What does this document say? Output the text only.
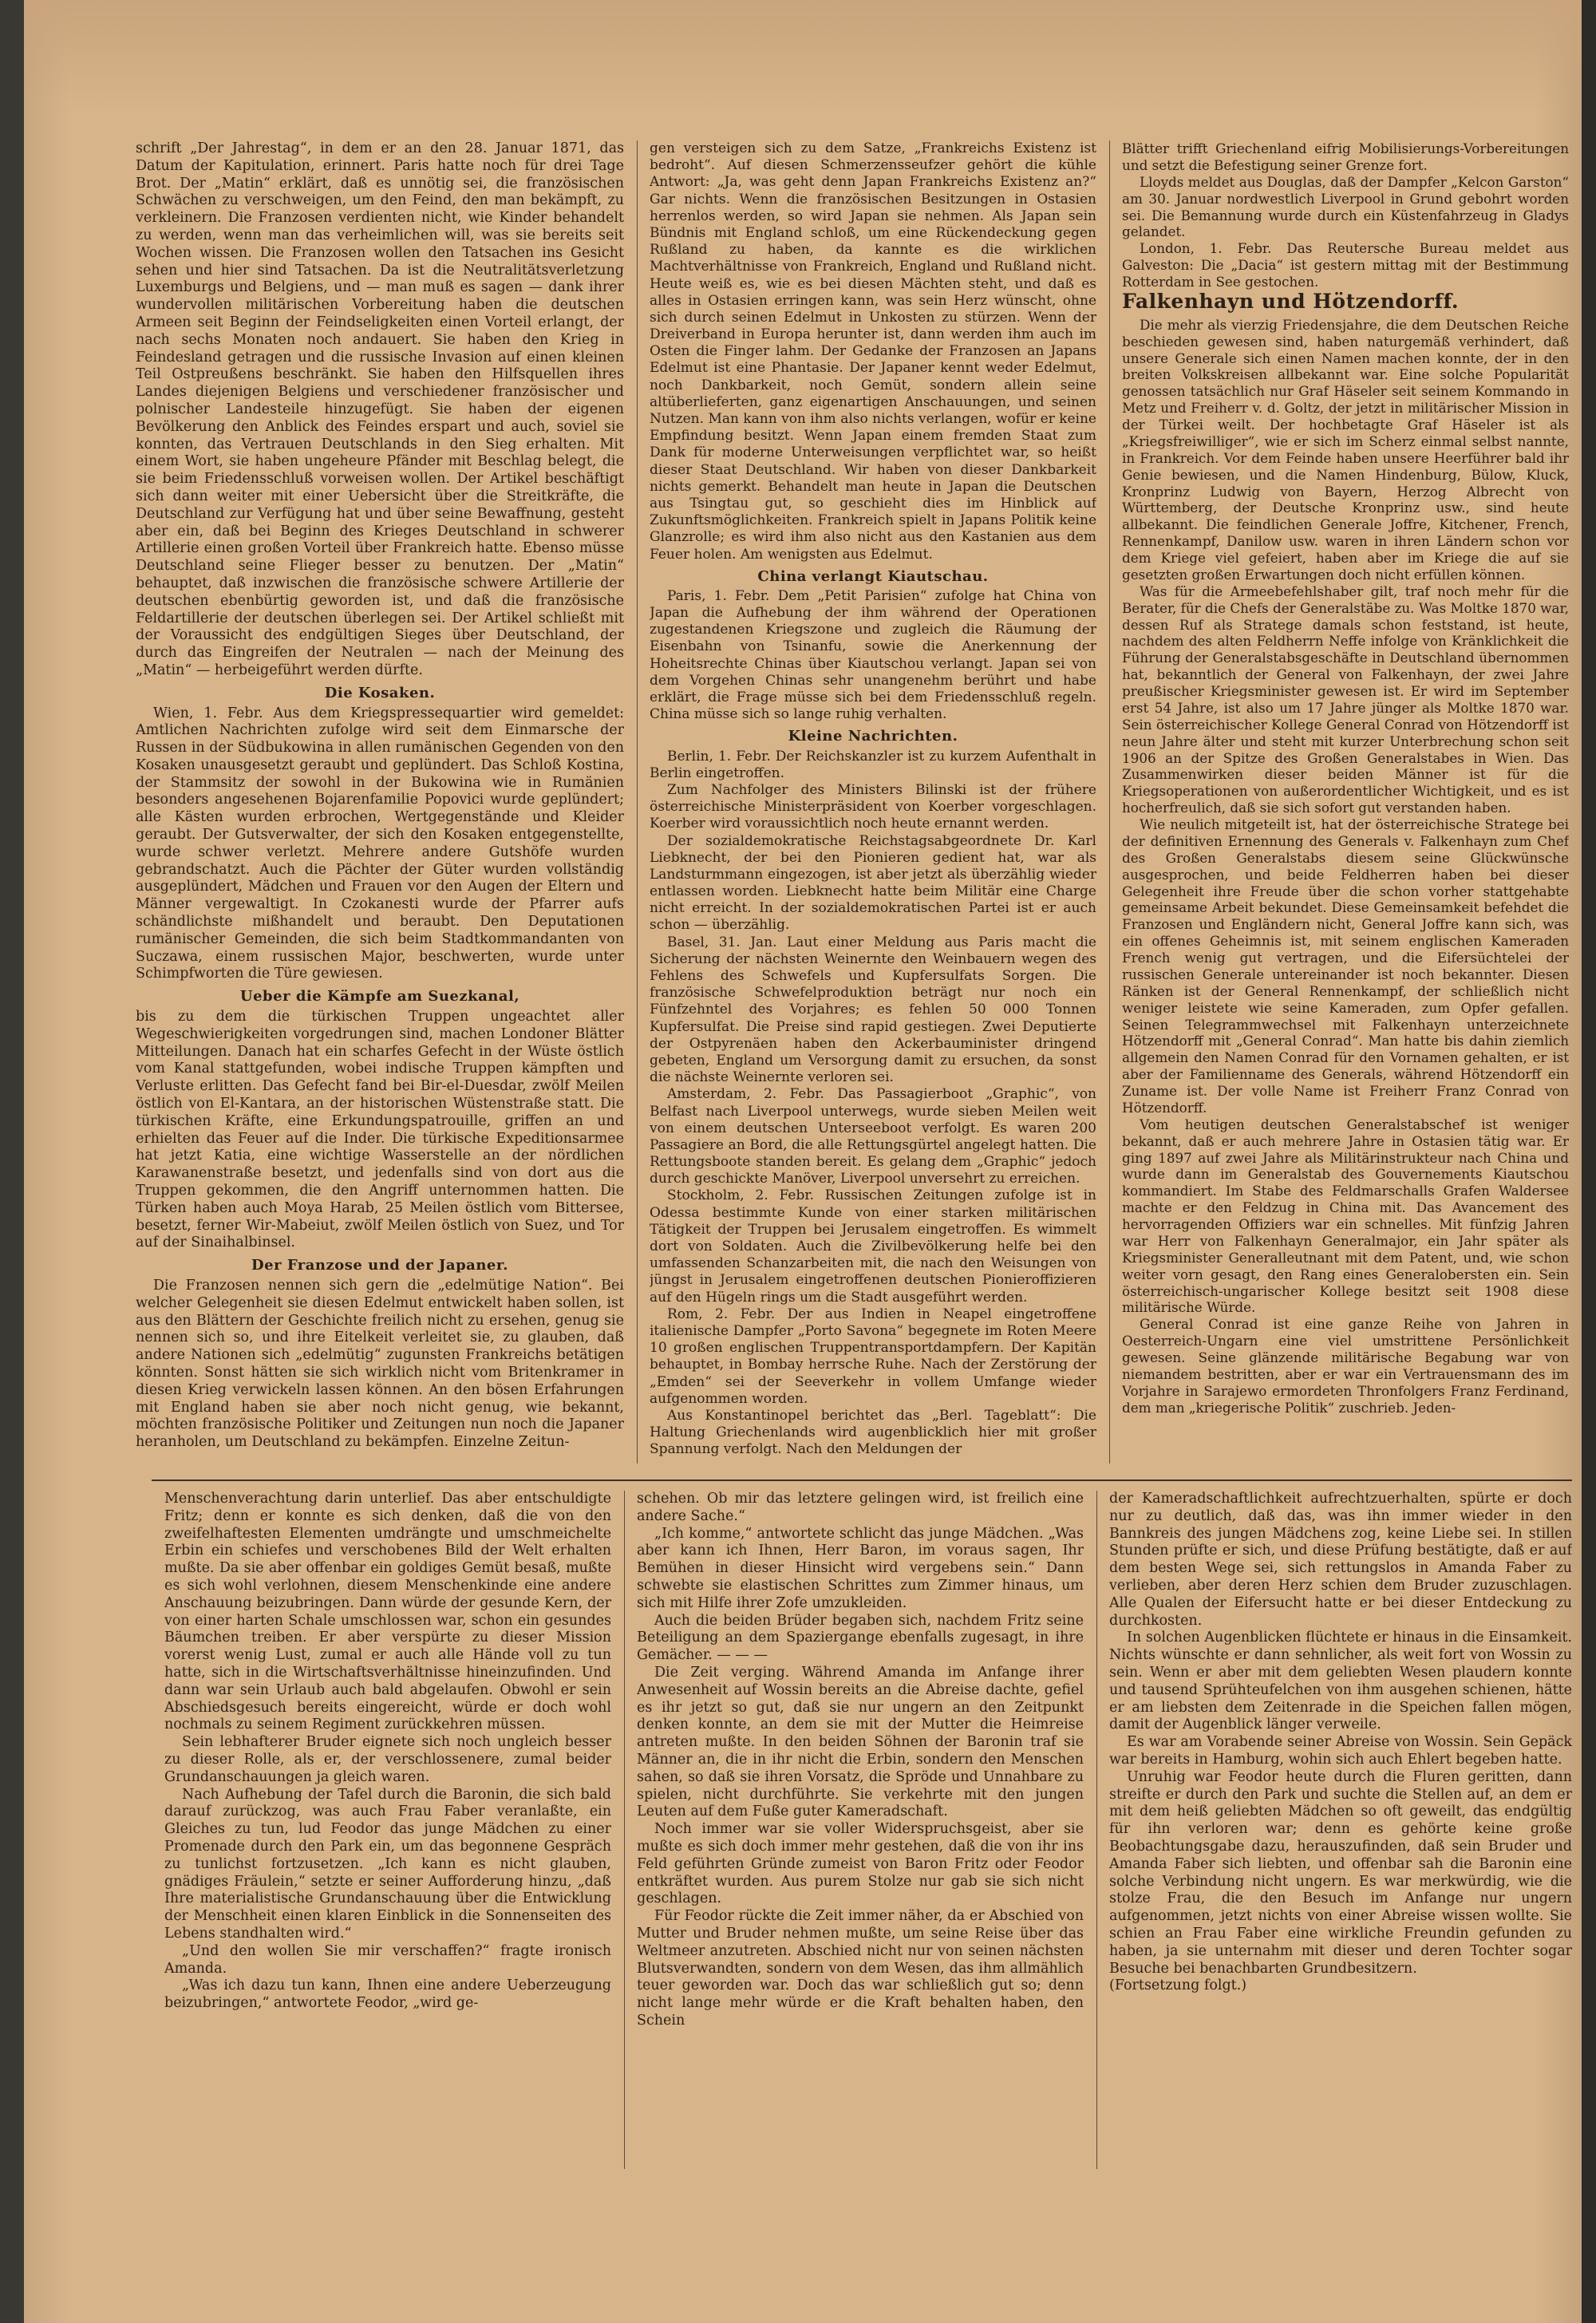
schrift „Der Jahrestag“, in dem er an den 28. Januar 1871, das Datum der Kapitulation, erinnert. Paris hatte noch für drei Tage Brot. Der „Matin“ erklärt, daß es unnötig sei, die französischen Schwächen zu verschweigen, um den Feind, den man bekämpft, zu verkleinern. Die Franzosen verdienten nicht, wie Kinder behandelt zu werden, wenn man das verheimlichen will, was sie bereits seit Wochen wissen. Die Franzosen wollen den Tatsachen ins Gesicht sehen und hier sind Tatsachen. Da ist die Neutralitätsverletzung Luxemburgs und Belgiens, und — man muß es sagen — dank ihrer wundervollen militärischen Vorbereitung haben die deutschen Armeen seit Beginn der Feindseligkeiten einen Vorteil erlangt, der nach sechs Monaten noch andauert. Sie haben den Krieg in Feindesland getragen und die russische Invasion auf einen kleinen Teil Ostpreußens beschränkt. Sie haben den Hilfsquellen ihres Landes diejenigen Belgiens und verschiedener französischer und polnischer Landesteile hinzugefügt. Sie haben der eigenen Bevölkerung den Anblick des Feindes erspart und auch, soviel sie konnten, das Vertrauen Deutschlands in den Sieg erhalten. Mit einem Wort, sie haben ungeheure Pfänder mit Beschlag belegt, die sie beim Friedensschluß vorweisen wollen. Der Artikel beschäftigt sich dann weiter mit einer Uebersicht über die Streitkräfte, die Deutschland zur Verfügung hat und über seine Bewaffnung, gesteht aber ein, daß bei Beginn des Krieges Deutschland in schwerer Artillerie einen großen Vorteil über Frankreich hatte. Ebenso müsse Deutschland seine Flieger besser zu benutzen. Der „Matin“ behauptet, daß inzwischen die französische schwere Artillerie der deutschen ebenbürtig geworden ist, und daß die französische Feldartillerie der deutschen überlegen sei. Der Artikel schließt mit der Voraussicht des endgültigen Sieges über Deutschland, der durch das Eingreifen der Neutralen — nach der Meinung des „Matin“ — herbeigeführt werden dürfte.

Die Kosaken.

Wien, 1. Febr. Aus dem Kriegspressequartier wird gemeldet: Amtlichen Nachrichten zufolge wird seit dem Einmarsche der Russen in der Südbukowina in allen rumänischen Gegenden von den Kosaken unausgesetzt geraubt und geplündert. Das Schloß Kostina, der Stammsitz der sowohl in der Bukowina wie in Rumänien besonders angesehenen Bojarenfamilie Popovici wurde geplündert; alle Kästen wurden erbrochen, Wertgegenstände und Kleider geraubt. Der Gutsverwalter, der sich den Kosaken entgegenstellte, wurde schwer verletzt. Mehrere andere Gutshöfe wurden gebrandschatzt. Auch die Pächter der Güter wurden vollständig ausgeplündert, Mädchen und Frauen vor den Augen der Eltern und Männer vergewaltigt. In Czokanesti wurde der Pfarrer aufs schändlichste mißhandelt und beraubt. Den Deputationen rumänischer Gemeinden, die sich beim Stadtkommandanten von Suczawa, einem russischen Major, beschwerten, wurde unter Schimpfworten die Türe gewiesen.

Ueber die Kämpfe am Suezkanal,

bis zu dem die türkischen Truppen ungeachtet aller Wegeschwierigkeiten vorgedrungen sind, machen Londoner Blätter Mitteilungen. Danach hat ein scharfes Gefecht in der Wüste östlich vom Kanal stattgefunden, wobei indische Truppen kämpften und Verluste erlitten. Das Gefecht fand bei Bir-el-Duesdar, zwölf Meilen östlich von El-Kantara, an der historischen Wüstenstraße statt. Die türkischen Kräfte, eine Erkundungspatrouille, griffen an und erhielten das Feuer auf die Inder. Die türkische Expeditionsarmee hat jetzt Katia, eine wichtige Wasserstelle an der nördlichen Karawanenstraße besetzt, und jedenfalls sind von dort aus die Truppen gekommen, die den Angriff unternommen hatten. Die Türken haben auch Moya Harab, 25 Meilen östlich vom Bittersee, besetzt, ferner Wir-Mabeiut, zwölf Meilen östlich von Suez, und Tor auf der Sinaihalbinsel.

Der Franzose und der Japaner.

Die Franzosen nennen sich gern die „edelmütige Nation“. Bei welcher Gelegenheit sie diesen Edelmut entwickelt haben sollen, ist aus den Blättern der Geschichte freilich nicht zu ersehen, genug sie nennen sich so, und ihre Eitelkeit verleitet sie, zu glauben, daß andere Nationen sich „edelmütig“ zugunsten Frankreichs betätigen könnten. Sonst hätten sie sich wirklich nicht vom Britenkramer in diesen Krieg verwickeln lassen können. An den bösen Erfahrungen mit England haben sie aber noch nicht genug, wie bekannt, möchten französische Politiker und Zeitungen nun noch die Japaner heranholen, um Deutschland zu bekämpfen. Einzelne Zeitun-

gen versteigen sich zu dem Satze, „Frankreichs Existenz ist bedroht“. Auf diesen Schmerzensseufzer gehört die kühle Antwort: „Ja, was geht denn Japan Frankreichs Existenz an?“ Gar nichts. Wenn die französischen Besitzungen in Ostasien herrenlos werden, so wird Japan sie nehmen. Als Japan sein Bündnis mit England schloß, um eine Rückendeckung gegen Rußland zu haben, da kannte es die wirklichen Machtverhältnisse von Frankreich, England und Rußland nicht. Heute weiß es, wie es bei diesen Mächten steht, und daß es alles in Ostasien erringen kann, was sein Herz wünscht, ohne sich durch seinen Edelmut in Unkosten zu stürzen. Wenn der Dreiverband in Europa herunter ist, dann werden ihm auch im Osten die Finger lahm. Der Gedanke der Franzosen an Japans Edelmut ist eine Phantasie. Der Japaner kennt weder Edelmut, noch Dankbarkeit, noch Gemüt, sondern allein seine altüberlieferten, ganz eigenartigen Anschauungen, und seinen Nutzen. Man kann von ihm also nichts verlangen, wofür er keine Empfindung besitzt. Wenn Japan einem fremden Staat zum Dank für moderne Unterweisungen verpflichtet war, so heißt dieser Staat Deutschland. Wir haben von dieser Dankbarkeit nichts gemerkt. Behandelt man heute in Japan die Deutschen aus Tsingtau gut, so geschieht dies im Hinblick auf Zukunftsmöglichkeiten. Frankreich spielt in Japans Politik keine Glanzrolle; es wird ihm also nicht aus den Kastanien aus dem Feuer holen. Am wenigsten aus Edelmut.

China verlangt Kiautschau.

Paris, 1. Febr. Dem „Petit Parisien“ zufolge hat China von Japan die Aufhebung der ihm während der Operationen zugestandenen Kriegszone und zugleich die Räumung der Eisenbahn von Tsinanfu, sowie die Anerkennung der Hoheitsrechte Chinas über Kiautschou verlangt. Japan sei von dem Vorgehen Chinas sehr unangenehm berührt und habe erklärt, die Frage müsse sich bei dem Friedensschluß regeln. China müsse sich so lange ruhig verhalten.

Kleine Nachrichten.

Berlin, 1. Febr. Der Reichskanzler ist zu kurzem Aufenthalt in Berlin eingetroffen.

Zum Nachfolger des Ministers Bilinski ist der frühere österreichische Ministerpräsident von Koerber vorgeschlagen. Koerber wird voraussichtlich noch heute ernannt werden.

Der sozialdemokratische Reichstagsabgeordnete Dr. Karl Liebknecht, der bei den Pionieren gedient hat, war als Landsturmmann eingezogen, ist aber jetzt als überzählig wieder entlassen worden. Liebknecht hatte beim Militär eine Charge nicht erreicht. In der sozialdemokratischen Partei ist er auch schon — überzählig.

Basel, 31. Jan. Laut einer Meldung aus Paris macht die Sicherung der nächsten Weinernte den Weinbauern wegen des Fehlens des Schwefels und Kupfersulfats Sorgen. Die französische Schwefelproduktion beträgt nur noch ein Fünfzehntel des Vorjahres; es fehlen 50 000 Tonnen Kupfersulfat. Die Preise sind rapid gestiegen. Zwei Deputierte der Ostpyrenäen haben den Ackerbauminister dringend gebeten, England um Versorgung damit zu ersuchen, da sonst die nächste Weinernte verloren sei.

Amsterdam, 2. Febr. Das Passagierboot „Graphic“, von Belfast nach Liverpool unterwegs, wurde sieben Meilen weit von einem deutschen Unterseeboot verfolgt. Es waren 200 Passagiere an Bord, die alle Rettungsgürtel angelegt hatten. Die Rettungsboote standen bereit. Es gelang dem „Graphic“ jedoch durch geschickte Manöver, Liverpool unversehrt zu erreichen.

Stockholm, 2. Febr. Russischen Zeitungen zufolge ist in Odessa bestimmte Kunde von einer starken militärischen Tätigkeit der Truppen bei Jerusalem eingetroffen. Es wimmelt dort von Soldaten. Auch die Zivilbevölkerung helfe bei den umfassenden Schanzarbeiten mit, die nach den Weisungen von jüngst in Jerusalem eingetroffenen deutschen Pionieroffizieren auf den Hügeln rings um die Stadt ausgeführt werden.

Rom, 2. Febr. Der aus Indien in Neapel eingetroffene italienische Dampfer „Porto Savona“ begegnete im Roten Meere 10 großen englischen Truppentransportdampfern. Der Kapitän behauptet, in Bombay herrsche Ruhe. Nach der Zerstörung der „Emden“ sei der Seeverkehr in vollem Umfange wieder aufgenommen worden.

Aus Konstantinopel berichtet das „Berl. Tageblatt“: Die Haltung Griechenlands wird augenblicklich hier mit großer Spannung verfolgt. Nach den Meldungen der

Blätter trifft Griechenland eifrig Mobilisierungs-Vorbereitungen und setzt die Befestigung seiner Grenze fort.

Lloyds meldet aus Douglas, daß der Dampfer „Kelcon Garston“ am 30. Januar nordwestlich Liverpool in Grund gebohrt worden sei. Die Bemannung wurde durch ein Küstenfahrzeug in Gladys gelandet.

London, 1. Febr. Das Reutersche Bureau meldet aus Galveston: Die „Dacia“ ist gestern mittag mit der Bestimmung Rotterdam in See gestochen.

Falkenhayn und Hötzendorff.

Die mehr als vierzig Friedensjahre, die dem Deutschen Reiche beschieden gewesen sind, haben naturgemäß verhindert, daß unsere Generale sich einen Namen machen konnte, der in den breiten Volkskreisen allbekannt war. Eine solche Popularität genossen tatsächlich nur Graf Häseler seit seinem Kommando in Metz und Freiherr v. d. Goltz, der jetzt in militärischer Mission in der Türkei weilt. Der hochbetagte Graf Häseler ist als „Kriegsfreiwilliger“, wie er sich im Scherz einmal selbst nannte, in Frankreich. Vor dem Feinde haben unsere Heerführer bald ihr Genie bewiesen, und die Namen Hindenburg, Bülow, Kluck, Kronprinz Ludwig von Bayern, Herzog Albrecht von Württemberg, der Deutsche Kronprinz usw., sind heute allbekannt. Die feindlichen Generale Joffre, Kitchener, French, Rennenkampf, Danilow usw. waren in ihren Ländern schon vor dem Kriege viel gefeiert, haben aber im Kriege die auf sie gesetzten großen Erwartungen doch nicht erfüllen können.

Was für die Armeebefehlshaber gilt, traf noch mehr für die Berater, für die Chefs der Generalstäbe zu. Was Moltke 1870 war, dessen Ruf als Stratege damals schon feststand, ist heute, nachdem des alten Feldherrn Neffe infolge von Kränklichkeit die Führung der Generalstabsgeschäfte in Deutschland übernommen hat, bekanntlich der General von Falkenhayn, der zwei Jahre preußischer Kriegsminister gewesen ist. Er wird im September erst 54 Jahre, ist also um 17 Jahre jünger als Moltke 1870 war. Sein österreichischer Kollege General Conrad von Hötzendorff ist neun Jahre älter und steht mit kurzer Unterbrechung schon seit 1906 an der Spitze des Großen Generalstabes in Wien. Das Zusammenwirken dieser beiden Männer ist für die Kriegsoperationen von außerordentlicher Wichtigkeit, und es ist hocherfreulich, daß sie sich sofort gut verstanden haben.

Wie neulich mitgeteilt ist, hat der österreichische Stratege bei der definitiven Ernennung des Generals v. Falkenhayn zum Chef des Großen Generalstabs diesem seine Glückwünsche ausgesprochen, und beide Feldherren haben bei dieser Gelegenheit ihre Freude über die schon vorher stattgehabte gemeinsame Arbeit bekundet. Diese Gemeinsamkeit befehdet die Franzosen und Engländern nicht, General Joffre kann sich, was ein offenes Geheimnis ist, mit seinem englischen Kameraden French wenig gut vertragen, und die Eifersüchtelei der russischen Generale untereinander ist noch bekannter. Diesen Ränken ist der General Rennenkampf, der schließlich nicht weniger leistete wie seine Kameraden, zum Opfer gefallen. Seinen Telegrammwechsel mit Falkenhayn unterzeichnete Hötzendorff mit „General Conrad“. Man hatte bis dahin ziemlich allgemein den Namen Conrad für den Vornamen gehalten, er ist aber der Familienname des Generals, während Hötzendorff ein Zuname ist. Der volle Name ist Freiherr Franz Conrad von Hötzendorff.

Vom heutigen deutschen Generalstabschef ist weniger bekannt, daß er auch mehrere Jahre in Ostasien tätig war. Er ging 1897 auf zwei Jahre als Militärinstrukteur nach China und wurde dann im Generalstab des Gouvernements Kiautschou kommandiert. Im Stabe des Feldmarschalls Grafen Waldersee machte er den Feldzug in China mit. Das Avancement des hervorragenden Offiziers war ein schnelles. Mit fünfzig Jahren war Herr von Falkenhayn Generalmajor, ein Jahr später als Kriegsminister Generalleutnant mit dem Patent, und, wie schon weiter vorn gesagt, den Rang eines Generalobersten ein. Sein österreichisch-ungarischer Kollege besitzt seit 1908 diese militärische Würde.

General Conrad ist eine ganze Reihe von Jahren in Oesterreich-Ungarn eine viel umstrittene Persönlichkeit gewesen. Seine glänzende militärische Begabung war von niemandem bestritten, aber er war ein Vertrauensmann des im Vorjahre in Sarajewo ermordeten Thronfolgers Franz Ferdinand, dem man „kriegerische Politik“ zuschrieb. Jeden-

Menschenverachtung darin unterlief. Das aber entschuldigte Fritz; denn er konnte es sich denken, daß die von den zweifelhaftesten Elementen umdrängte und umschmeichelte Erbin ein schiefes und verschobenes Bild der Welt erhalten mußte. Da sie aber offenbar ein goldiges Gemüt besaß, mußte es sich wohl verlohnen, diesem Menschenkinde eine andere Anschauung beizubringen. Dann würde der gesunde Kern, der von einer harten Schale umschlossen war, schon ein gesundes Bäumchen treiben. Er aber verspürte zu dieser Mission vorerst wenig Lust, zumal er auch alle Hände voll zu tun hatte, sich in die Wirtschaftsverhältnisse hineinzufinden. Und dann war sein Urlaub auch bald abgelaufen. Obwohl er sein Abschiedsgesuch bereits eingereicht, würde er doch wohl nochmals zu seinem Regiment zurückkehren müssen.

Sein lebhafterer Bruder eignete sich noch ungleich besser zu dieser Rolle, als er, der verschlossenere, zumal beider Grundanschauungen ja gleich waren.

Nach Aufhebung der Tafel durch die Baronin, die sich bald darauf zurückzog, was auch Frau Faber veranlaßte, ein Gleiches zu tun, lud Feodor das junge Mädchen zu einer Promenade durch den Park ein, um das begonnene Gespräch zu tunlichst fortzusetzen. „Ich kann es nicht glauben, gnädiges Fräulein,“ setzte er seiner Aufforderung hinzu, „daß Ihre materialistische Grundanschauung über die Entwicklung der Menschheit einen klaren Einblick in die Sonnenseiten des Lebens standhalten wird.“

„Und den wollen Sie mir verschaffen?“ fragte ironisch Amanda.

„Was ich dazu tun kann, Ihnen eine andere Ueberzeugung beizubringen,“ antwortete Feodor, „wird ge-

schehen. Ob mir das letztere gelingen wird, ist freilich eine andere Sache.“

„Ich komme,“ antwortete schlicht das junge Mädchen. „Was aber kann ich Ihnen, Herr Baron, im voraus sagen, Ihr Bemühen in dieser Hinsicht wird vergebens sein.“ Dann schwebte sie elastischen Schrittes zum Zimmer hinaus, um sich mit Hilfe ihrer Zofe umzukleiden.

Auch die beiden Brüder begaben sich, nachdem Fritz seine Beteiligung an dem Spaziergange ebenfalls zugesagt, in ihre Gemächer. — — —

Die Zeit verging. Während Amanda im Anfange ihrer Anwesenheit auf Wossin bereits an die Abreise dachte, gefiel es ihr jetzt so gut, daß sie nur ungern an den Zeitpunkt denken konnte, an dem sie mit der Mutter die Heimreise antreten mußte. In den beiden Söhnen der Baronin traf sie Männer an, die in ihr nicht die Erbin, sondern den Menschen sahen, so daß sie ihren Vorsatz, die Spröde und Unnahbare zu spielen, nicht durchführte. Sie verkehrte mit den jungen Leuten auf dem Fuße guter Kameradschaft.

Noch immer war sie voller Widerspruchsgeist, aber sie mußte es sich doch immer mehr gestehen, daß die von ihr ins Feld geführten Gründe zumeist von Baron Fritz oder Feodor entkräftet wurden. Aus purem Stolze nur gab sie sich nicht geschlagen.

Für Feodor rückte die Zeit immer näher, da er Abschied von Mutter und Bruder nehmen mußte, um seine Reise über das Weltmeer anzutreten. Abschied nicht nur von seinen nächsten Blutsverwandten, sondern von dem Wesen, das ihm allmählich teuer geworden war. Doch das war schließlich gut so; denn nicht lange mehr würde er die Kraft behalten haben, den Schein

der Kameradschaftlichkeit aufrechtzuerhalten, spürte er doch nur zu deutlich, daß das, was ihn immer wieder in den Bannkreis des jungen Mädchens zog, keine Liebe sei. In stillen Stunden prüfte er sich, und diese Prüfung bestätigte, daß er auf dem besten Wege sei, sich rettungslos in Amanda Faber zu verlieben, aber deren Herz schien dem Bruder zuzuschlagen. Alle Qualen der Eifersucht hatte er bei dieser Entdeckung zu durchkosten.

In solchen Augenblicken flüchtete er hinaus in die Einsamkeit. Nichts wünschte er dann sehnlicher, als weit fort von Wossin zu sein. Wenn er aber mit dem geliebten Wesen plaudern konnte und tausend Sprühteufelchen von ihm ausgehen schienen, hätte er am liebsten dem Zeitenrade in die Speichen fallen mögen, damit der Augenblick länger verweile.

Es war am Vorabende seiner Abreise von Wossin. Sein Gepäck war bereits in Hamburg, wohin sich auch Ehlert begeben hatte.

Unruhig war Feodor heute durch die Fluren geritten, dann streifte er durch den Park und suchte die Stellen auf, an dem er mit dem heiß geliebten Mädchen so oft geweilt, das endgültig für ihn verloren war; denn es gehörte keine große Beobachtungsgabe dazu, herauszufinden, daß sein Bruder und Amanda Faber sich liebten, und offenbar sah die Baronin eine solche Verbindung nicht ungern. Es war merkwürdig, wie die stolze Frau, die den Besuch im Anfange nur ungern aufgenommen, jetzt nichts von einer Abreise wissen wollte. Sie schien an Frau Faber eine wirkliche Freundin gefunden zu haben, ja sie unternahm mit dieser und deren Tochter sogar Besuche bei benachbarten Grundbesitzern.

(Fortsetzung folgt.)
